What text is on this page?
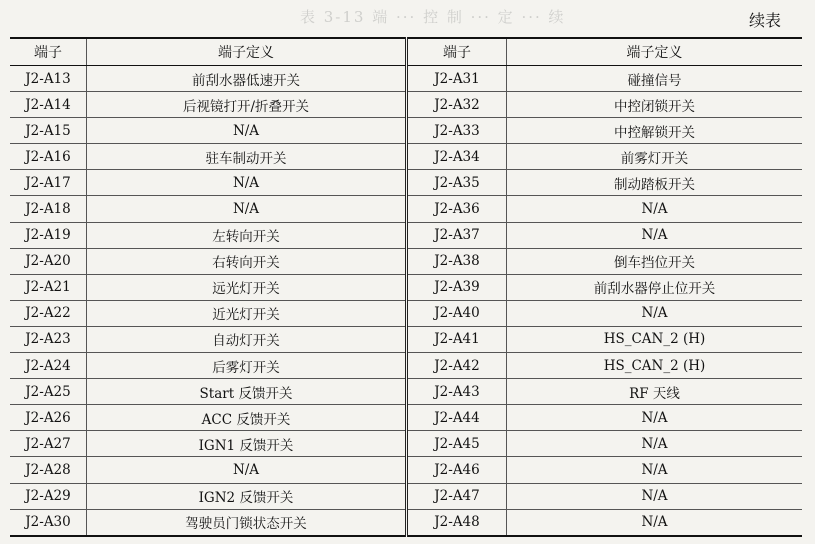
表 3-13 端 ··· 控 制 ··· 定 ··· 续	续表
端子	端子定义	端子	端子定义
J2-A13	前刮水器低速开关	J2-A31	碰撞信号
J2-A14	后视镜打开/折叠开关	J2-A32	中控闭锁开关
J2-A15	N/A	J2-A33	中控解锁开关
J2-A16	驻车制动开关	J2-A34	前雾灯开关
J2-A17	N/A	J2-A35	制动踏板开关
J2-A18	N/A	J2-A36	N/A
J2-A19	左转向开关	J2-A37	N/A
J2-A20	右转向开关	J2-A38	倒车挡位开关
J2-A21	远光灯开关	J2-A39	前刮水器停止位开关
J2-A22	近光灯开关	J2-A40	N/A
J2-A23	自动灯开关	J2-A41	HS_CAN_2 (H)
J2-A24	后雾灯开关	J2-A42	HS_CAN_2 (H)
J2-A25	Start 反馈开关	J2-A43	RF 天线
J2-A26	ACC 反馈开关	J2-A44	N/A
J2-A27	IGN1 反馈开关	J2-A45	N/A
J2-A28	N/A	J2-A46	N/A
J2-A29	IGN2 反馈开关	J2-A47	N/A
J2-A30	驾驶员门锁状态开关	J2-A48	N/A
